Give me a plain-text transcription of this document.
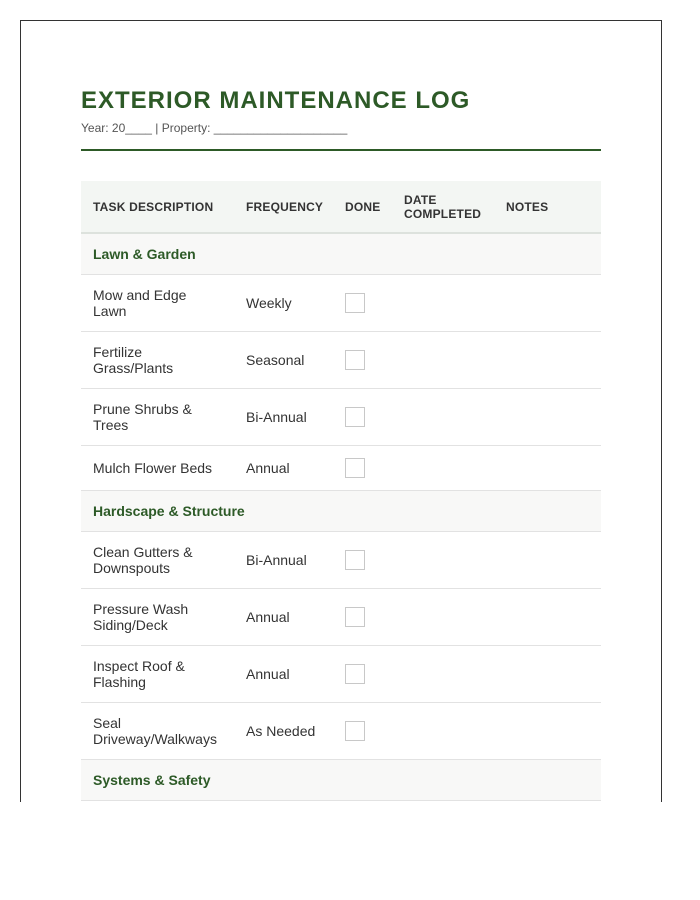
EXTERIOR MAINTENANCE LOG
Year: 20____ | Property: ____________________
TASK DESCRIPTION	FREQUENCY	DONE	DATE COMPLETED	NOTES
Lawn & Garden				
Mow and Edge Lawn	Weekly			
Fertilize Grass/Plants	Seasonal			
Prune Shrubs & Trees	Bi-Annual			
Mulch Flower Beds	Annual			
Hardscape & Structure				
Clean Gutters & Downspouts	Bi-Annual			
Pressure Wash Siding/Deck	Annual			
Inspect Roof & Flashing	Annual			
Seal Driveway/Walkways	As Needed			
Systems & Safety				
